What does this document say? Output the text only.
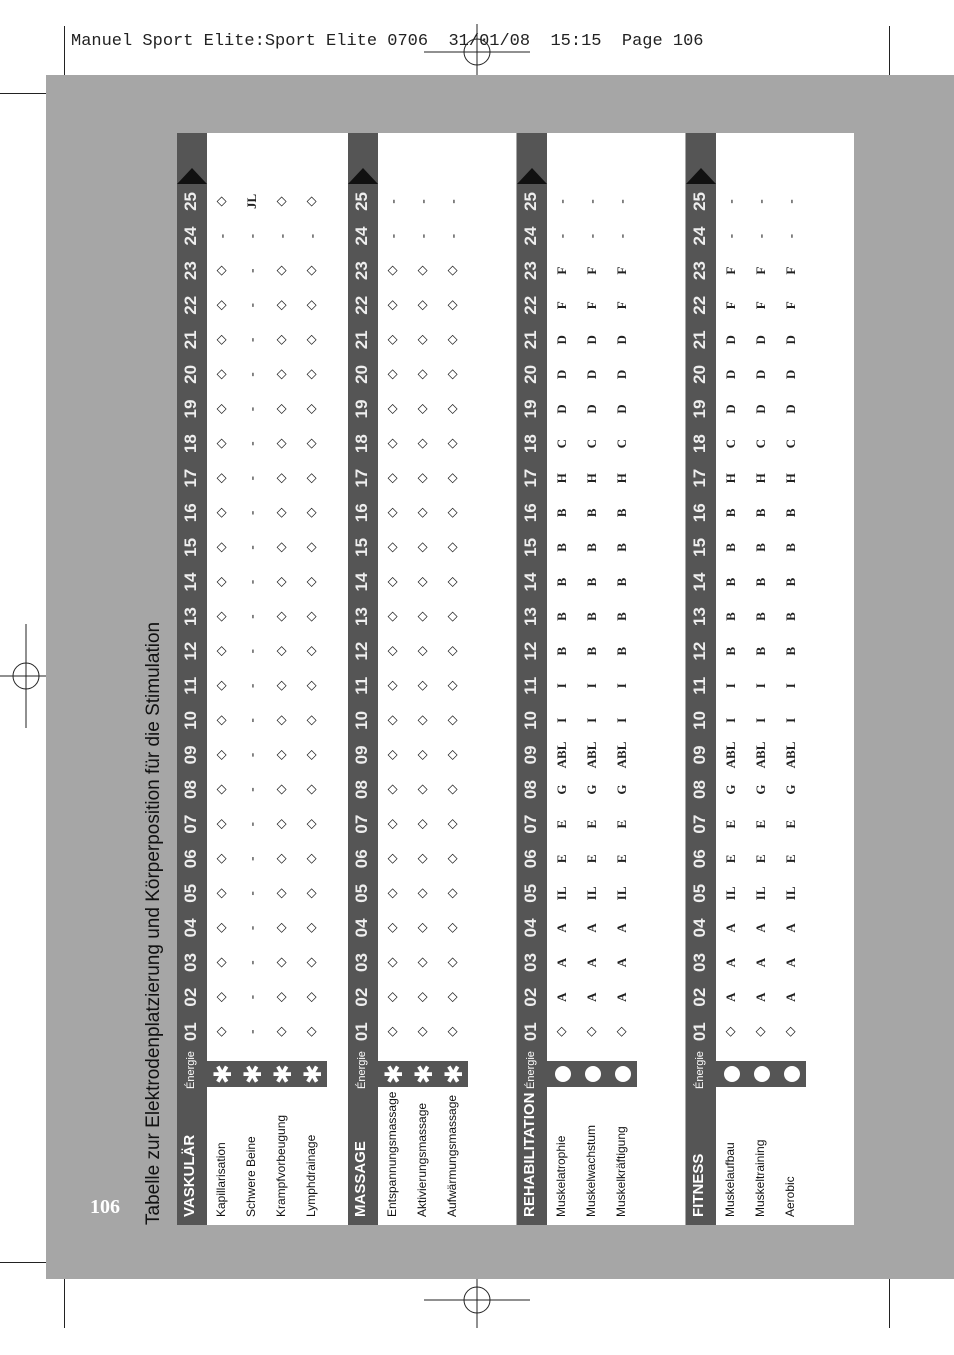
Manuel Sport Elite:Sport Elite 0706  31/01/08  15:15  Page 106
106 Tabelle zur Elektrodenplatzierung und Körperposition für die Stimulation VASKULÄR
Énergie
01
02
03
04
05
06
07
08
09
10
11
12
13
14
15
16
17
18
19
20
21
22
23
24
25
Kapillarisation
✱
◇
◇
◇
◇
◇
◇
◇
◇
◇
◇
◇
◇
◇
◇
◇
◇
◇
◇
◇
◇
◇
◇
◇
-
◇
Schwere Beine
✱
-
-
-
-
-
-
-
-
-
-
-
-
-
-
-
-
-
-
-
-
-
-
-
-
JL
Krampfvorbeugung
✱
◇
◇
◇
◇
◇
◇
◇
◇
◇
◇
◇
◇
◇
◇
◇
◇
◇
◇
◇
◇
◇
◇
◇
-
◇
Lymphdrainage
✱
◇
◇
◇
◇
◇
◇
◇
◇
◇
◇
◇
◇
◇
◇
◇
◇
◇
◇
◇
◇
◇
◇
◇
-
◇
MASSAGE
Énergie
01
02
03
04
05
06
07
08
09
10
11
12
13
14
15
16
17
18
19
20
21
22
23
24
25
Entspannungsmassage
✱
◇
◇
◇
◇
◇
◇
◇
◇
◇
◇
◇
◇
◇
◇
◇
◇
◇
◇
◇
◇
◇
◇
◇
-
-
Aktivierungsmassage
✱
◇
◇
◇
◇
◇
◇
◇
◇
◇
◇
◇
◇
◇
◇
◇
◇
◇
◇
◇
◇
◇
◇
◇
-
-
Aufwärmungsmassage
✱
◇
◇
◇
◇
◇
◇
◇
◇
◇
◇
◇
◇
◇
◇
◇
◇
◇
◇
◇
◇
◇
◇
◇
-
-
REHABILITATION
Énergie
01
02
03
04
05
06
07
08
09
10
11
12
13
14
15
16
17
18
19
20
21
22
23
24
25
Muskelatrophie
◇
A
A
A
IL
E
E
G
ABL
I
I
B
B
B
B
B
H
C
D
D
D
F
F
-
-
Muskelwachstum
◇
A
A
A
IL
E
E
G
ABL
I
I
B
B
B
B
B
H
C
D
D
D
F
F
-
-
Muskelkräftigung
◇
A
A
A
IL
E
E
G
ABL
I
I
B
B
B
B
B
H
C
D
D
D
F
F
-
-
FITNESS
Énergie
01
02
03
04
05
06
07
08
09
10
11
12
13
14
15
16
17
18
19
20
21
22
23
24
25
Muskelaufbau
◇
A
A
A
IL
E
E
G
ABL
I
I
B
B
B
B
B
H
C
D
D
D
F
F
-
-
Muskeltraining
◇
A
A
A
IL
E
E
G
ABL
I
I
B
B
B
B
B
H
C
D
D
D
F
F
-
-
Aerobic
◇
A
A
A
IL
E
E
G
ABL
I
I
B
B
B
B
B
H
C
D
D
D
F
F
-
-
